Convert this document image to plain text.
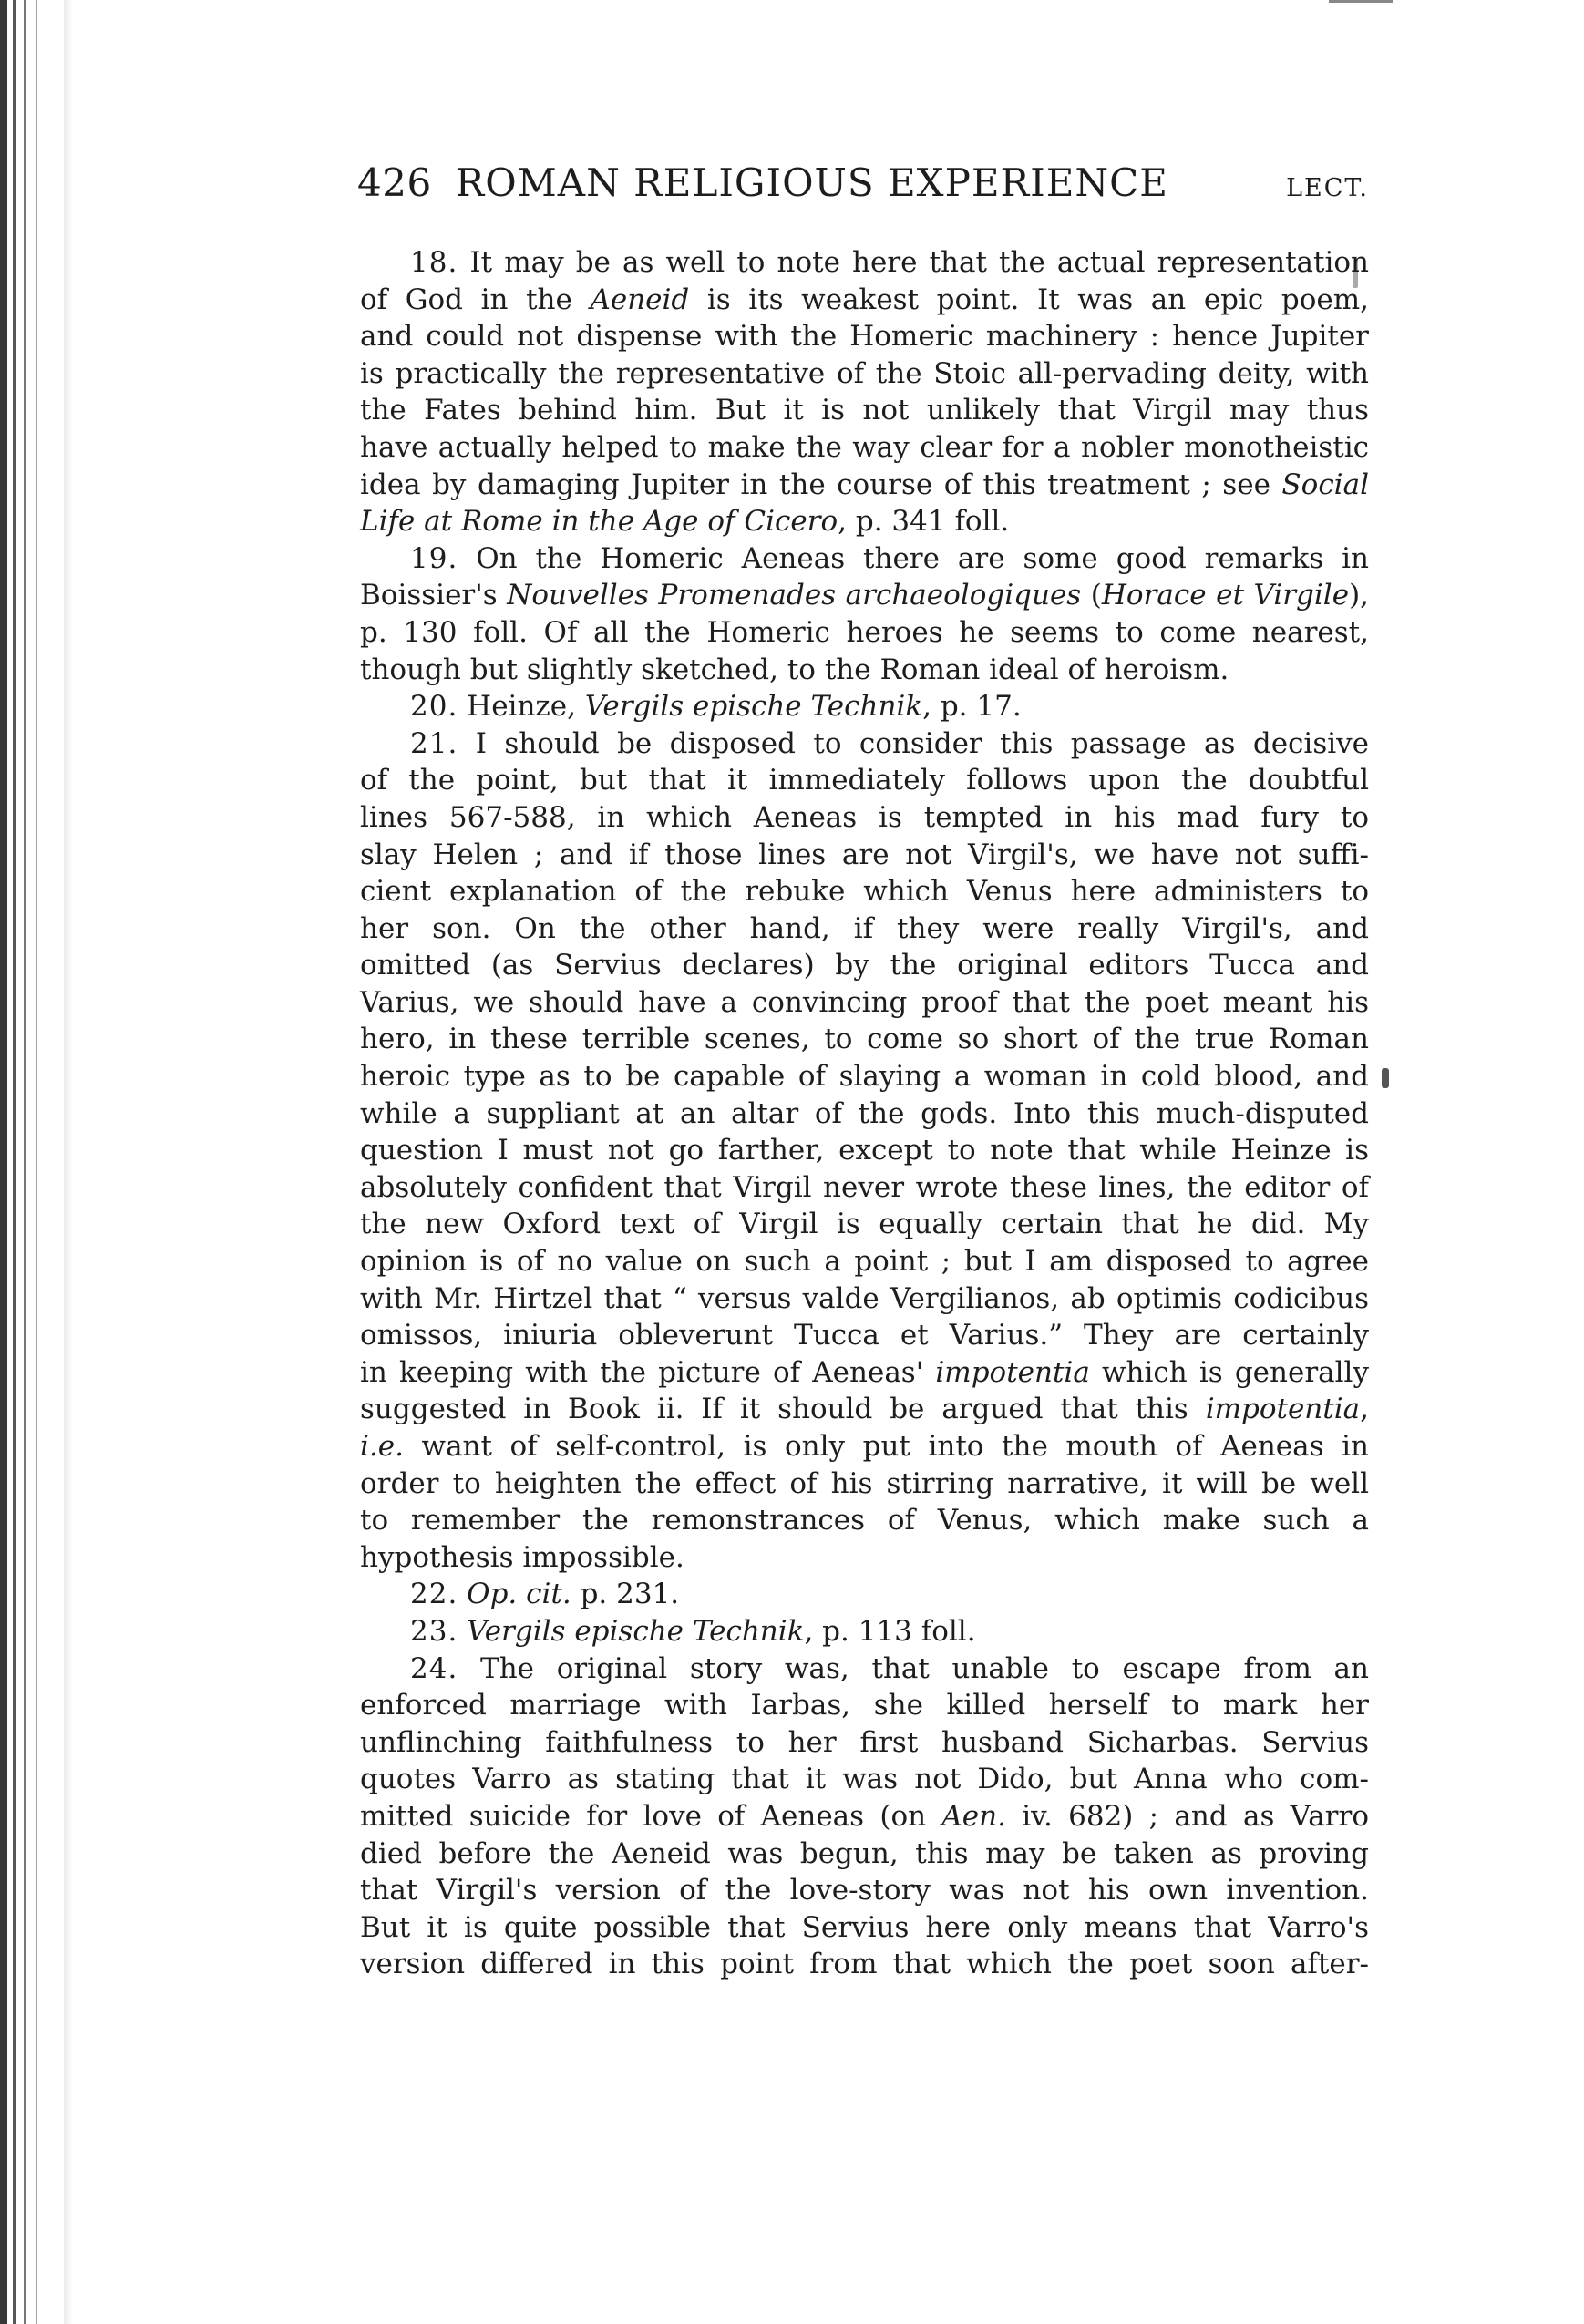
426 ROMAN RELIGIOUS EXPERIENCE	LECT.
18. It may be as well to note here that the actual representation
of God in the Aeneid is its weakest point. It was an epic poem,
and could not dispense with the Homeric machinery : hence Jupiter
is practically the representative of the Stoic all-pervading deity, with
the Fates behind him. But it is not unlikely that Virgil may thus
have actually helped to make the way clear for a nobler monotheistic
idea by damaging Jupiter in the course of this treatment ; see Social
Life at Rome in the Age of Cicero, p. 341 foll.
19. On the Homeric Aeneas there are some good remarks in
Boissier's Nouvelles Promenades archaeologiques (Horace et Virgile),
p. 130 foll. Of all the Homeric heroes he seems to come nearest,
though but slightly sketched, to the Roman ideal of heroism.
20. Heinze, Vergils epische Technik, p. 17.
21. I should be disposed to consider this passage as decisive
of the point, but that it immediately follows upon the doubtful
lines 567-588, in which Aeneas is tempted in his mad fury to
slay Helen ; and if those lines are not Virgil's, we have not suffi-
cient explanation of the rebuke which Venus here administers to
her son. On the other hand, if they were really Virgil's, and
omitted (as Servius declares) by the original editors Tucca and
Varius, we should have a convincing proof that the poet meant his
hero, in these terrible scenes, to come so short of the true Roman
heroic type as to be capable of slaying a woman in cold blood, and
while a suppliant at an altar of the gods. Into this much-disputed
question I must not go farther, except to note that while Heinze is
absolutely confident that Virgil never wrote these lines, the editor of
the new Oxford text of Virgil is equally certain that he did. My
opinion is of no value on such a point ; but I am disposed to agree
with Mr. Hirtzel that “ versus valde Vergilianos, ab optimis codicibus
omissos, iniuria obleverunt Tucca et Varius.” They are certainly
in keeping with the picture of Aeneas' impotentia which is generally
suggested in Book ii. If it should be argued that this impotentia,
i.e. want of self-control, is only put into the mouth of Aeneas in
order to heighten the effect of his stirring narrative, it will be well
to remember the remonstrances of Venus, which make such a
hypothesis impossible.
22. Op. cit. p. 231.
23. Vergils epische Technik, p. 113 foll.
24. The original story was, that unable to escape from an
enforced marriage with Iarbas, she killed herself to mark her
unflinching faithfulness to her first husband Sicharbas. Servius
quotes Varro as stating that it was not Dido, but Anna who com-
mitted suicide for love of Aeneas (on Aen. iv. 682) ; and as Varro
died before the Aeneid was begun, this may be taken as proving
that Virgil's version of the love-story was not his own invention.
But it is quite possible that Servius here only means that Varro's
version differed in this point from that which the poet soon after-
